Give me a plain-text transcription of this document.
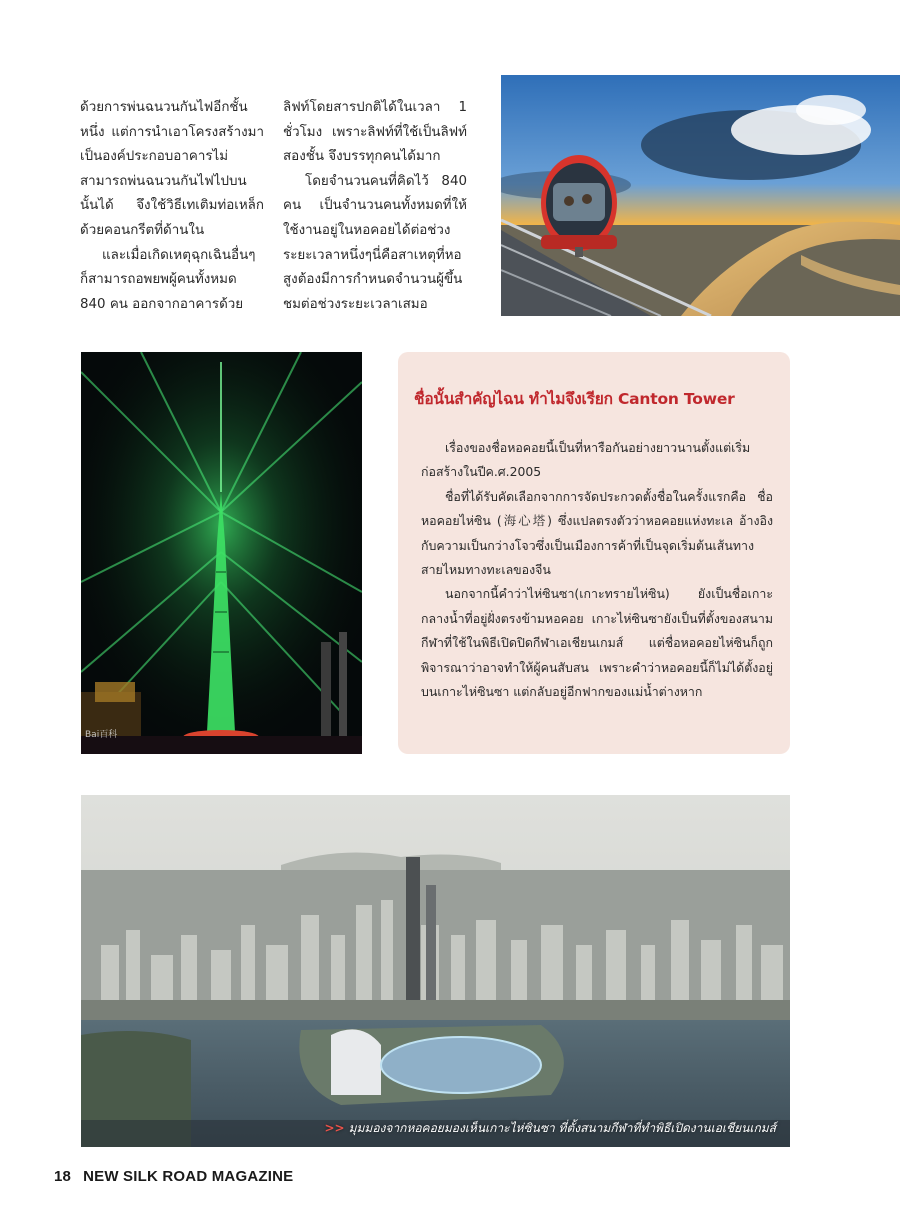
ด้วยการพ่นฉนวนกันไฟอีกชั้นหนึ่ง แต่การนำเอาโครงสร้างมาเป็นองค์ประกอบอาคารไม่สามารถพ่นฉนวนกันไฟไปบนนั้นได้ จึงใช้วิธีเทเติมท่อเหล็กด้วยคอนกรีตที่ด้านใน

และเมื่อเกิดเหตุฉุกเฉินอื่นๆ ก็สามารถอพยพผู้คนทั้งหมด 840 คน ออกจากอาคารด้วย

ลิฟท์โดยสารปกติได้ในเวลา 1 ชั่วโมง เพราะลิฟท์ที่ใช้เป็นลิฟท์สองชั้น จึงบรรทุกคนได้มาก

โดยจำนวนคนที่คิดไว้ 840 คน เป็นจำนวนคนทั้งหมดที่ให้ใช้งานอยู่ในหอคอยได้ต่อช่วงระยะเวลาหนึ่งๆนี่คือสาเหตุที่หอสูงต้องมีการกำหนดจำนวนผู้ขึ้นชมต่อช่วงระยะเวลาเสมอ

Bai百科
ชื่อนั้นสำคัญไฉน ทำไมจึงเรียก Canton Tower

เรื่องของชื่อหอคอยนี้เป็นที่หารือกันอย่างยาวนานตั้งแต่เริ่มก่อสร้างในปีค.ศ.2005

ชื่อที่ได้รับคัดเลือกจากการจัดประกวดตั้งชื่อในครั้งแรกคือ ชื่อ หอคอยไห่ซิน (海心塔) ซึ่งแปลตรงตัวว่าหอคอยแห่งทะเล อ้างอิงกับความเป็นกว่างโจวซึ่งเป็นเมืองการค้าที่เป็นจุดเริ่มต้นเส้นทางสายไหมทางทะเลของจีน

นอกจากนี้คำว่าไห่ซินซา(เกาะทรายไห่ซิน) ยังเป็นชื่อเกาะกลางน้ำที่อยู่ฝั่งตรงข้ามหอคอย เกาะไห่ซินซายังเป็นที่ตั้งของสนามกีฬาที่ใช้ในพิธีเปิดปิดกีฬาเอเชียนเกมส์ แต่ชื่อหอคอยไห่ซินก็ถูกพิจารณาว่าอาจทำให้ผู้คนสับสน เพราะคำว่าหอคอยนี้ก็ไม่ได้ตั้งอยู่บนเกาะไห่ซินซา แต่กลับอยู่อีกฟากของแม่น้ำต่างหาก

>> มุมมองจากหอคอยมองเห็นเกาะไห่ซินซา ที่ตั้งสนามกีฬาที่ทำพิธีเปิดงานเอเชียนเกมส์
18 NEW SILK ROAD MAGAZINE
